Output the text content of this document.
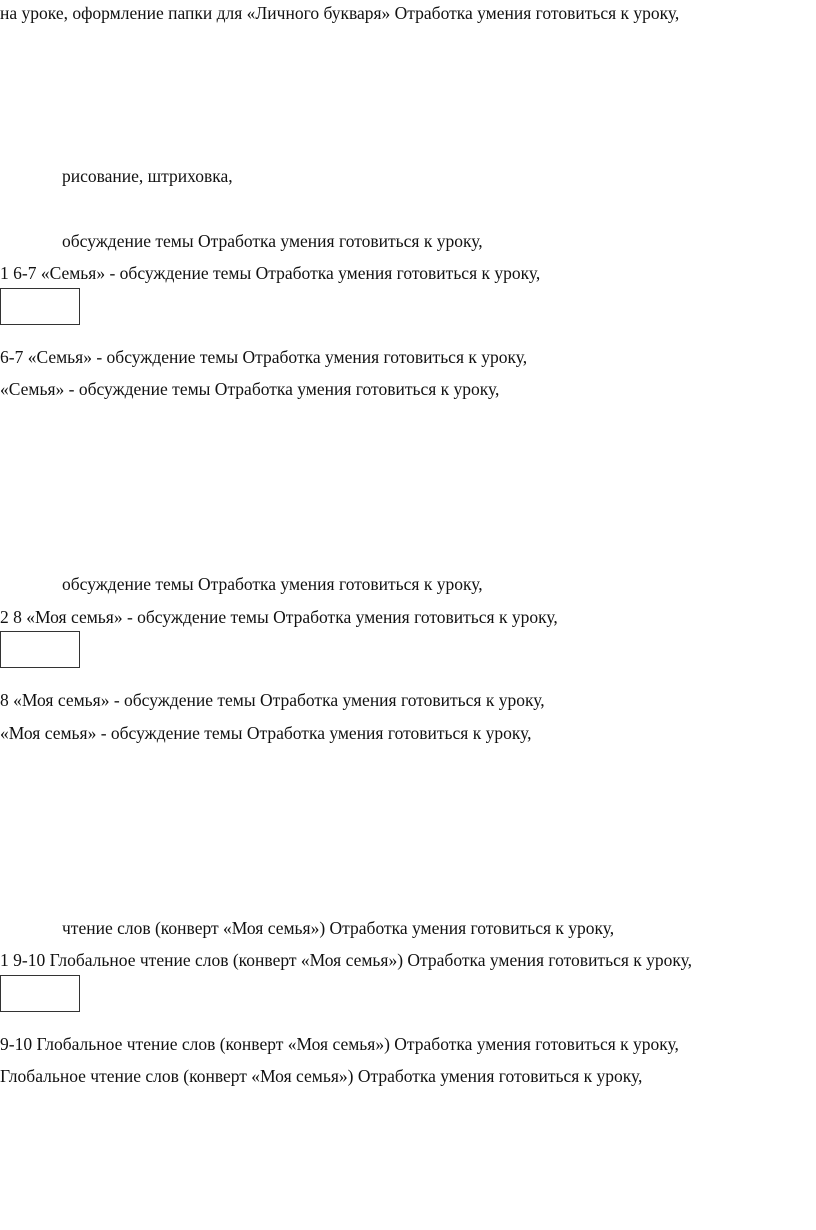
на уроке, оформление папки для «Личного букваря» Отработка умения готовиться к уроку,
рисование, штриховка,
обсуждение темы Отработка умения готовиться к уроку,
1 6-7 «Семья» - обсуждение темы Отработка умения готовиться к уроку,
6-7 «Семья» - обсуждение темы Отработка умения готовиться к уроку,
«Семья» - обсуждение темы Отработка умения готовиться к уроку,
обсуждение темы Отработка умения готовиться к уроку,
2 8 «Моя семья» - обсуждение темы Отработка умения готовиться к уроку,
8 «Моя семья» - обсуждение темы Отработка умения готовиться к уроку,
«Моя семья» - обсуждение темы Отработка умения готовиться к уроку,
чтение слов (конверт «Моя семья») Отработка умения готовиться к уроку,
1 9-10 Глобальное чтение слов (конверт «Моя семья») Отработка умения готовиться к уроку,
9-10 Глобальное чтение слов (конверт «Моя семья») Отработка умения готовиться к уроку,
Глобальное чтение слов (конверт «Моя семья») Отработка умения готовиться к уроку,
